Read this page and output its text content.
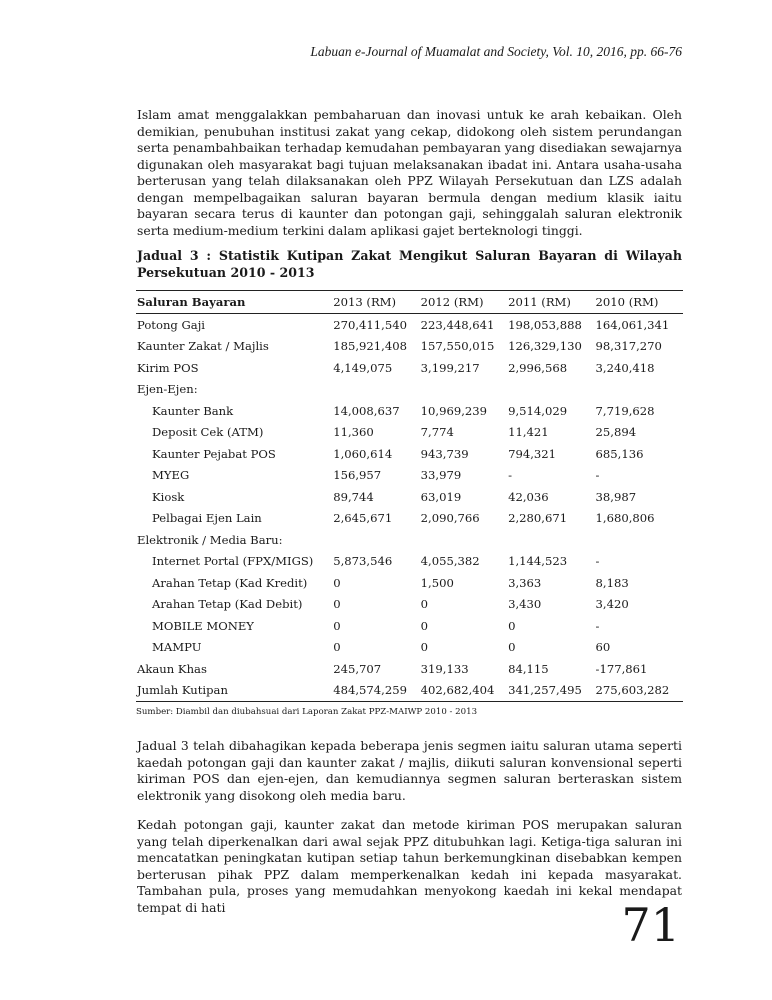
Labuan e-Journal of Muamalat and Society, Vol. 10, 2016, pp. 66-76
Islam amat menggalakkan pembaharuan dan inovasi untuk ke arah kebaikan. Oleh demikian, penubuhan institusi zakat yang cekap, didokong oleh sistem perundangan serta penambahbaikan terhadap kemudahan pembayaran yang disediakan sewajarnya digunakan oleh masyarakat bagi tujuan melaksanakan ibadat ini. Antara usaha-usaha berterusan yang telah dilaksanakan oleh PPZ Wilayah Persekutuan dan LZS adalah dengan mempelbagaikan saluran bayaran bermula dengan medium klasik iaitu bayaran secara terus di kaunter dan potongan gaji, sehinggalah saluran elektronik serta medium-medium terkini dalam aplikasi gajet berteknologi tinggi.
Jadual 3 : Statistik Kutipan Zakat Mengikut Saluran Bayaran di Wilayah Persekutuan 2010 - 2013
Saluran Bayaran	2013 (RM)	2012 (RM)	2011 (RM)	2010 (RM)
Potong Gaji	270,411,540	223,448,641	198,053,888	164,061,341
Kaunter Zakat / Majlis	185,921,408	157,550,015	126,329,130	98,317,270
Kirim POS	4,149,075	3,199,217	2,996,568	3,240,418
Ejen-Ejen:				
Kaunter Bank	14,008,637	10,969,239	9,514,029	7,719,628
Deposit Cek (ATM)	11,360	7,774	11,421	25,894
Kaunter Pejabat POS	1,060,614	943,739	794,321	685,136
MYEG	156,957	33,979	-	-
Kiosk	89,744	63,019	42,036	38,987
Pelbagai Ejen Lain	2,645,671	2,090,766	2,280,671	1,680,806
Elektronik / Media Baru:				
Internet Portal (FPX/MIGS)	5,873,546	4,055,382	1,144,523	-
Arahan Tetap (Kad Kredit)	0	1,500	3,363	8,183
Arahan Tetap (Kad Debit)	0	0	3,430	3,420
MOBILE MONEY	0	0	0	-
MAMPU	0	0	0	60
Akaun Khas	245,707	319,133	84,115	-177,861
Jumlah Kutipan	484,574,259	402,682,404	341,257,495	275,603,282
Sumber: Diambil dan diubahsuai dari Laporan Zakat PPZ-MAIWP 2010 - 2013
Jadual 3 telah dibahagikan kepada beberapa jenis segmen iaitu saluran utama seperti kaedah potongan gaji dan kaunter zakat / majlis, diikuti saluran konvensional seperti kiriman POS dan ejen-ejen, dan kemudiannya segmen saluran berteraskan sistem elektronik yang disokong oleh media baru.
Kedah potongan gaji, kaunter zakat dan metode kiriman POS merupakan saluran yang telah diperkenalkan dari awal sejak PPZ ditubuhkan lagi. Ketiga-tiga saluran ini mencatatkan peningkatan kutipan setiap tahun berkemungkinan disebabkan kempen berterusan pihak PPZ dalam memperkenalkan kedah ini kepada masyarakat. Tambahan pula, proses yang memudahkan menyokong kaedah ini kekal mendapat tempat di hati	71
